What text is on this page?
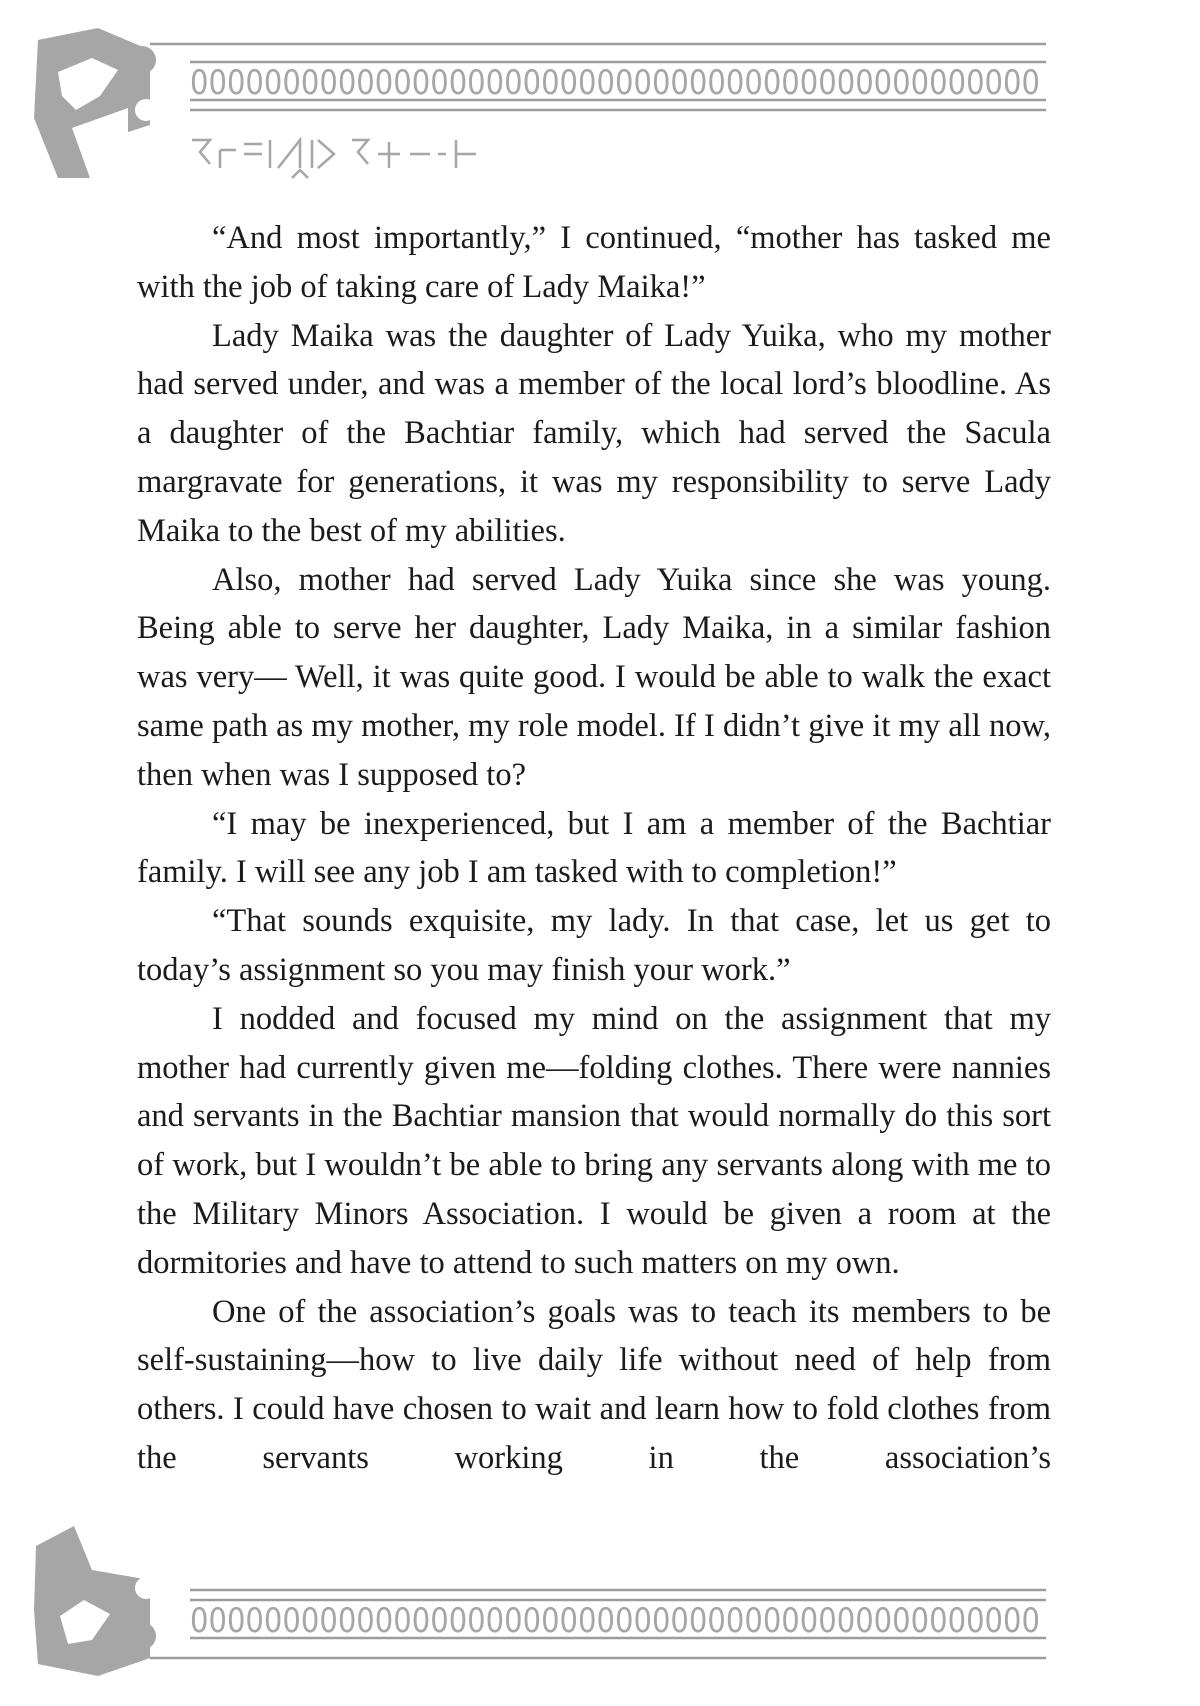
0000000000000000000000000000000000000000000000

“And most importantly,” I continued, “mother has tasked me with the job of taking care of Lady Maika!”

Lady Maika was the daughter of Lady Yuika, who my mother had served under, and was a member of the local lord’s bloodline. As a daughter of the Bachtiar family, which had served the Sacula margravate for generations, it was my responsibility to serve Lady Maika to the best of my abilities.

Also, mother had served Lady Yuika since she was young. Being able to serve her daughter, Lady Maika, in a similar fashion was very— Well, it was quite good. I would be able to walk the exact same path as my mother, my role model. If I didn’t give it my all now, then when was I supposed to?

“I may be inexperienced, but I am a member of the Bachtiar family. I will see any job I am tasked with to completion!”

“That sounds exquisite, my lady. In that case, let us get to today’s assignment so you may finish your work.”

I nodded and focused my mind on the assignment that my mother had currently given me—folding clothes. There were nannies and servants in the Bachtiar mansion that would normally do this sort of work, but I wouldn’t be able to bring any servants along with me to the Military Minors Association. I would be given a room at the dormitories and have to attend to such matters on my own.

One of the association’s goals was to teach its members to be self-sustaining—how to live daily life without need of help from others. I could have chosen to wait and learn how to fold clothes from the servants working in the association’s

0000000000000000000000000000000000000000000000
